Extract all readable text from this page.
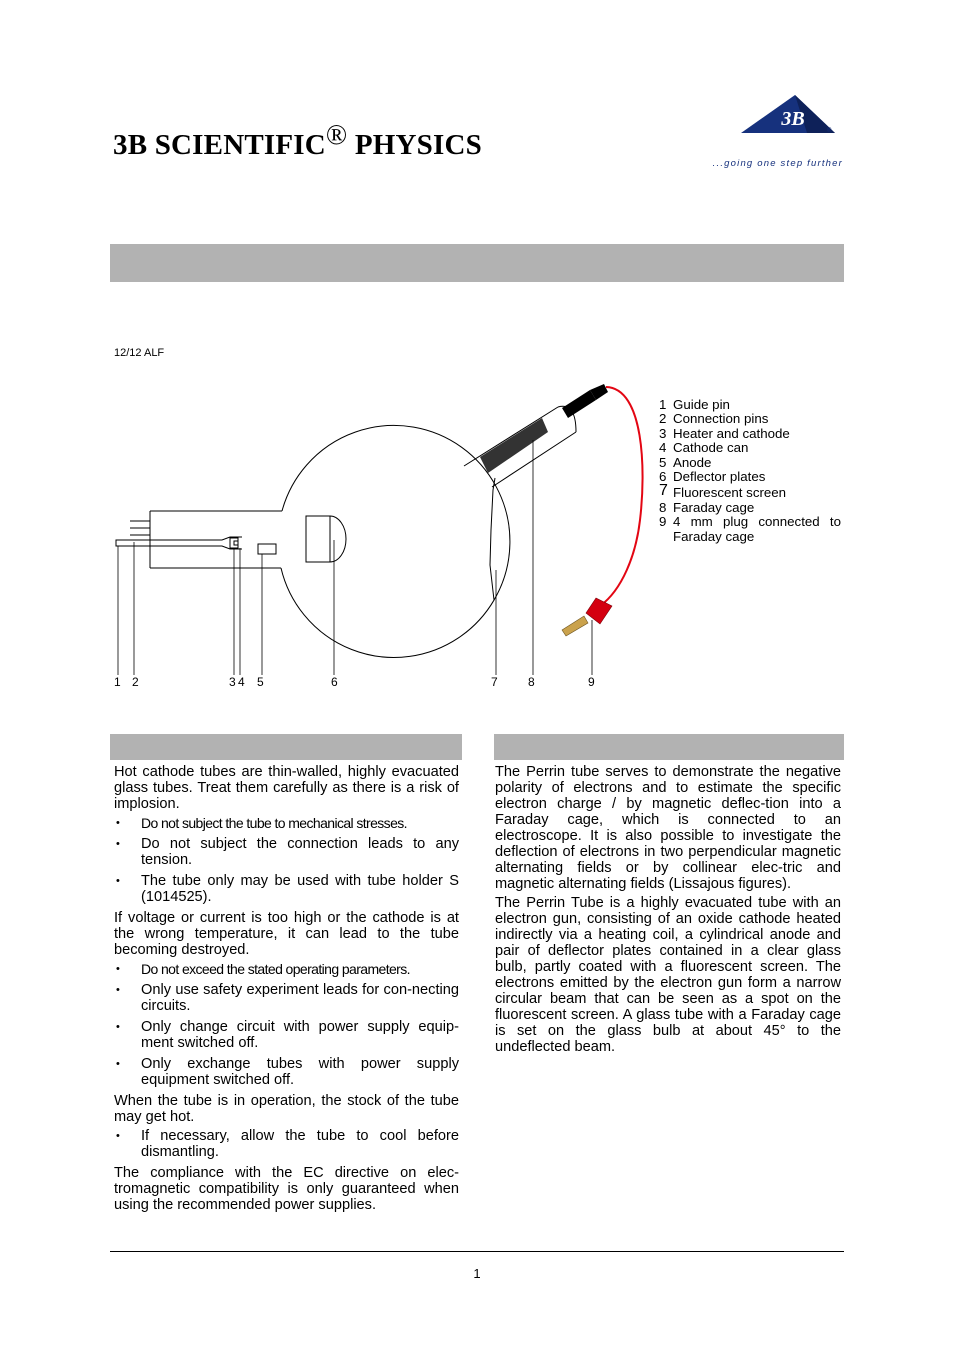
3B SCIENTIFIC® PHYSICS
3B
®
...going one step further
12/12 ALF
1 2	3 4 5	6	7	8	9
1 Guide pin
2 Connection pins
3 Heater and cathode
4 Cathode can
5 Anode
6 Deflector plates
7 Fluorescent screen
8 Faraday cage
9 4 mm plug connected to
Faraday cage

Hot cathode tubes are thin-walled, highly evacuated glass tubes. Treat them carefully as there is a risk of implosion.

• Do not subject the tube to mechanical stresses.
• Do not subject the connection leads to any tension.
• The tube only may be used with tube holder S (1014525).

If voltage or current is too high or the cathode is at the wrong temperature, it can lead to the tube becoming destroyed.

• Do not exceed the stated operating parameters.
• Only use safety experiment leads for con-necting circuits.
• Only change circuit with power supply equip-ment switched off.
• Only exchange tubes with power supply equipment switched off.

When the tube is in operation, the stock of the tube may get hot.

• If necessary, allow the tube to cool before dismantling.

The compliance with the EC directive on elec-tromagnetic compatibility is only guaranteed when using the recommended power supplies.

The Perrin tube serves to demonstrate the negative polarity of electrons and to estimate the specific electron charge / by magnetic deflec-tion into a Faraday cage, which is connected to an electroscope. It is also possible to investigate the deflection of electrons in two perpendicular magnetic alternating fields or by collinear elec-tric and magnetic alternating fields (Lissajous figures).

The Perrin Tube is a highly evacuated tube with an electron gun, consisting of an oxide cathode heated indirectly via a heating coil, a cylindrical anode and pair of deflector plates contained in a clear glass bulb, partly coated with a fluorescent screen. The electrons emitted by the electron gun form a narrow circular beam that can be seen as a spot on the fluorescent screen. A glass tube with a Faraday cage is set on the glass bulb at about 45° to the undeflected beam.

1
